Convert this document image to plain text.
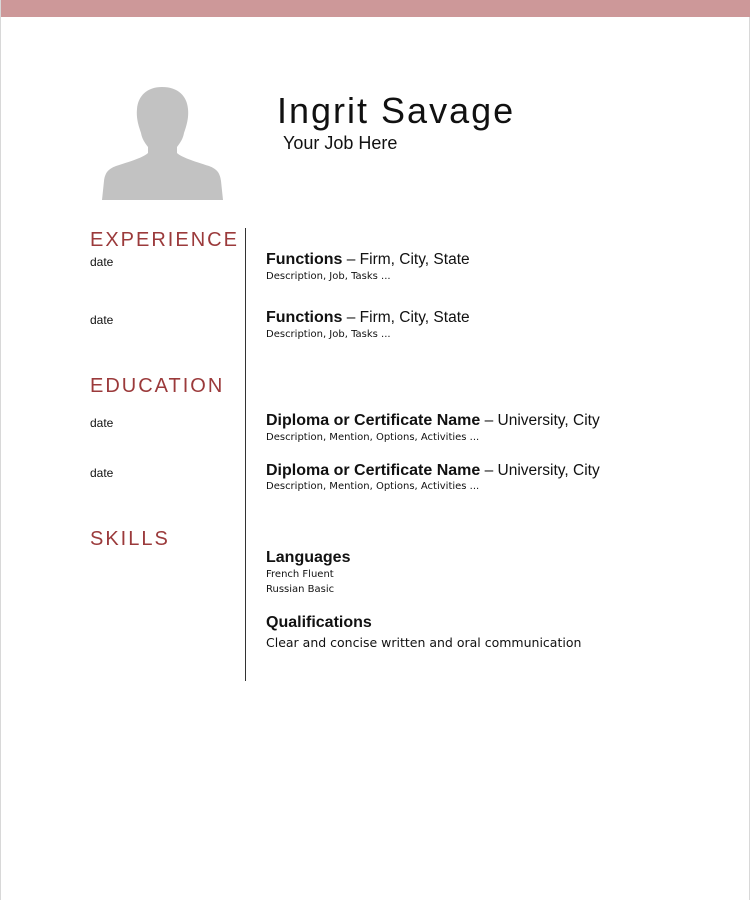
Ingrit Savage
Your Job Here
EXPERIENCE
date	Functions – Firm, City, State
Description, Job, Tasks ...
date	Functions – Firm, City, State
Description, Job, Tasks ...
EDUCATION
date	Diploma or Certificate Name – University, City
Description, Mention, Options, Activities ...
date	Diploma or Certificate Name – University, City
Description, Mention, Options, Activities ...
SKILLS
Languages
French Fluent
Russian Basic
Qualifications
Clear and concise written and oral communication
